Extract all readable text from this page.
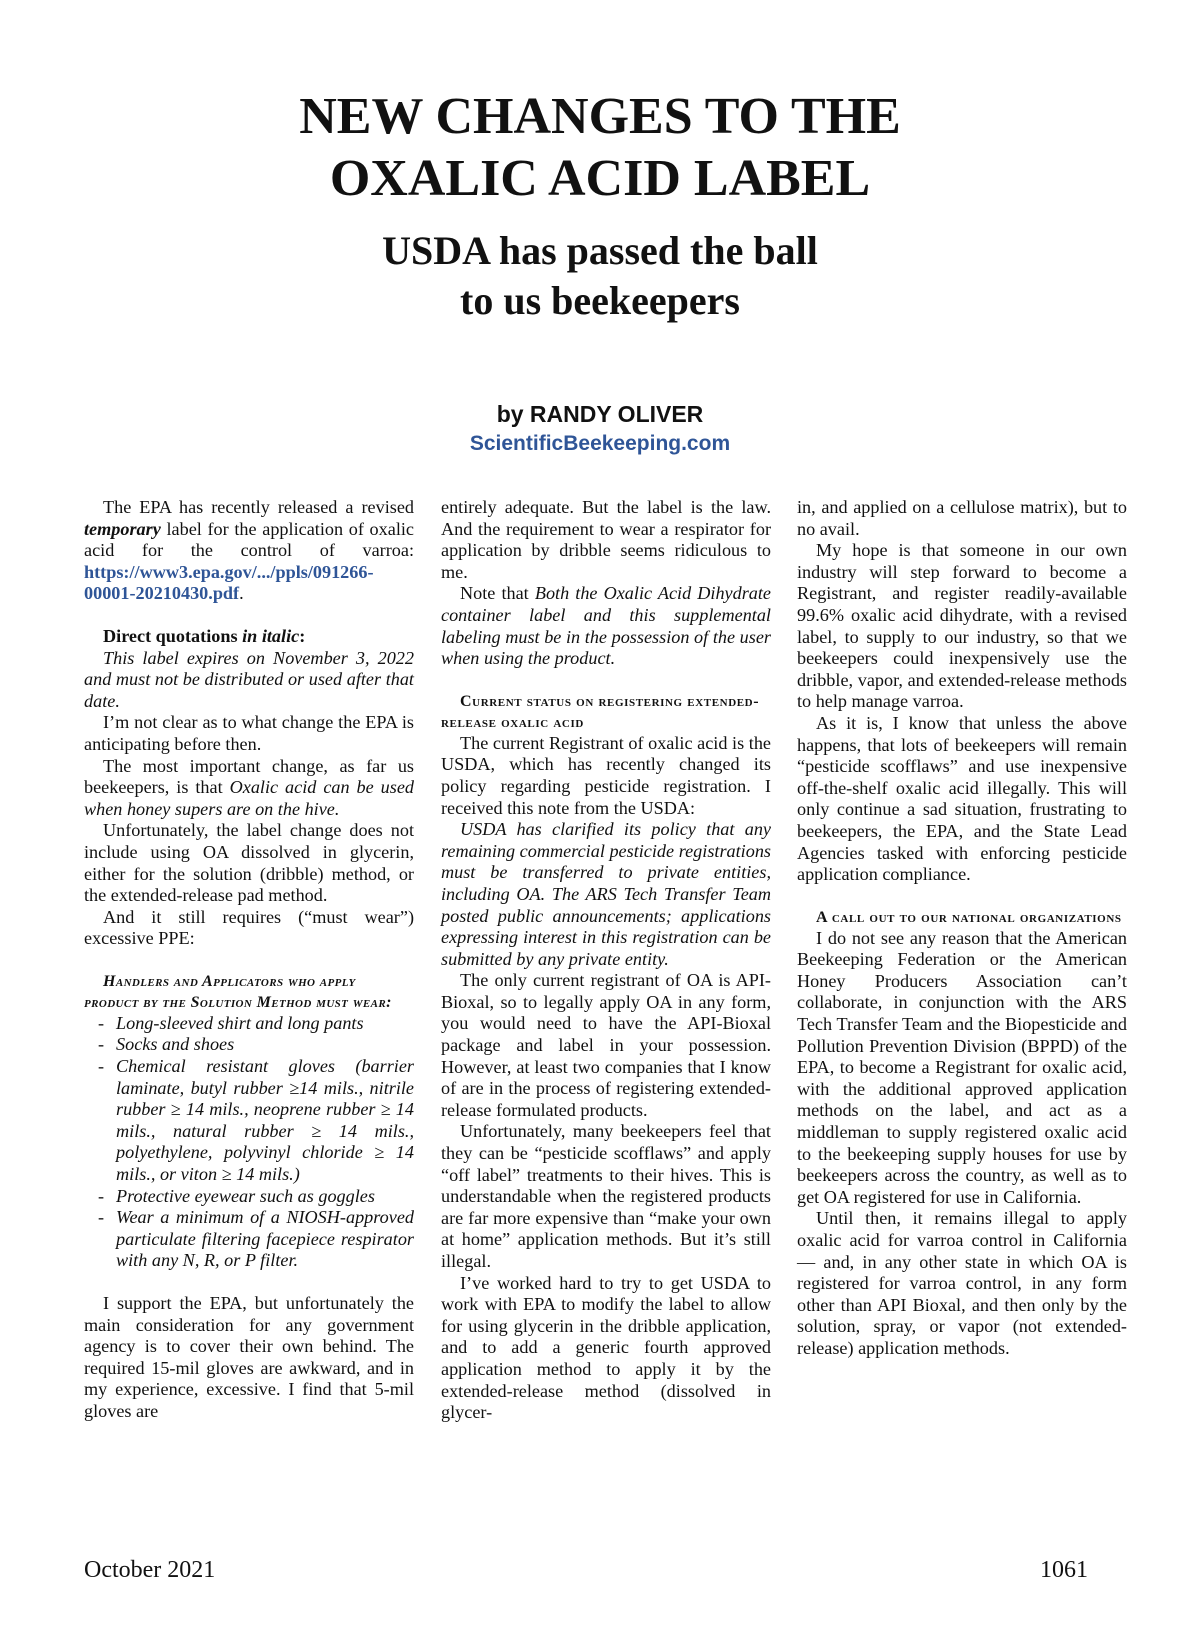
NEW CHANGES TO THE
OXALIC ACID LABEL
USDA has passed the ball
to us beekeepers
by RANDY OLIVER
ScientificBeekeeping.com

The EPA has recently released a revised temporary label for the application of oxalic acid for the control of varroa: https://www3.epa.gov/.../ppls/091266-00001-20210430.pdf.

Direct quotations in italic:

This label expires on November 3, 2022 and must not be distributed or used after that date.

I’m not clear as to what change the EPA is anticipating before then.

The most important change, as far us beekeepers, is that Oxalic acid can be used when honey supers are on the hive.

Unfortunately, the label change does not include using OA dissolved in glycerin, either for the solution (dribble) method, or the extended-release pad method.

And it still requires (“must wear”) excessive PPE:

Handlers and Applicators who apply product by the Solution Method must wear:

- Long-sleeved shirt and long pants
- Socks and shoes
- Chemical resistant gloves (barrier laminate, butyl rubber ≥14 mils., nitrile rubber ≥ 14 mils., neoprene rubber ≥ 14 mils., natural rubber ≥ 14 mils., polyethylene, polyvinyl chloride ≥ 14 mils., or viton ≥ 14 mils.)
- Protective eyewear such as goggles
- Wear a minimum of a NIOSH-approved particulate filtering facepiece respirator with any N, R, or P filter.

I support the EPA, but unfortunately the main consideration for any government agency is to cover their own behind. The required 15-mil gloves are awkward, and in my experience, excessive. I find that 5-mil gloves are

entirely adequate. But the label is the law. And the requirement to wear a respirator for application by dribble seems ridiculous to me.

Note that Both the Oxalic Acid Dihydrate container label and this supplemental labeling must be in the possession of the user when using the product.

Current status on registering extended-release oxalic acid

The current Registrant of oxalic acid is the USDA, which has recently changed its policy regarding pesticide registration. I received this note from the USDA:

USDA has clarified its policy that any remaining commercial pesticide registrations must be transferred to private entities, including OA. The ARS Tech Transfer Team posted public announcements; applications expressing interest in this registration can be submitted by any private entity.

The only current registrant of OA is API-Bioxal, so to legally apply OA in any form, you would need to have the API-Bioxal package and label in your possession. However, at least two companies that I know of are in the process of registering extended-release formulated products.

Unfortunately, many beekeepers feel that they can be “pesticide scofflaws” and apply “off label” treatments to their hives. This is understandable when the registered products are far more expensive than “make your own at home” application methods. But it’s still illegal.

I’ve worked hard to try to get USDA to work with EPA to modify the label to allow for using glycerin in the dribble application, and to add a generic fourth approved application method to apply it by the extended-release method (dissolved in glycer-

in, and applied on a cellulose matrix), but to no avail.

My hope is that someone in our own industry will step forward to become a Registrant, and register readily-available 99.6% oxalic acid dihydrate, with a revised label, to supply to our industry, so that we beekeepers could inexpensively use the dribble, vapor, and extended-release methods to help manage varroa.

As it is, I know that unless the above happens, that lots of beekeepers will remain “pesticide scofflaws” and use inexpensive off-the-shelf oxalic acid illegally. This will only continue a sad situation, frustrating to beekeepers, the EPA, and the State Lead Agencies tasked with enforcing pesticide application compliance.

A call out to our national organizations

I do not see any reason that the American Beekeeping Federation or the American Honey Producers Association can’t collaborate, in conjunction with the ARS Tech Transfer Team and the Biopesticide and Pollution Prevention Division (BPPD) of the EPA, to become a Registrant for oxalic acid, with the additional approved application methods on the label, and act as a middleman to supply registered oxalic acid to the beekeeping supply houses for use by beekeepers across the country, as well as to get OA registered for use in California.

Until then, it remains illegal to apply oxalic acid for varroa control in California — and, in any other state in which OA is registered for varroa control, in any form other than API Bioxal, and then only by the solution, spray, or vapor (not extended-release) application methods.

October 2021	1061
